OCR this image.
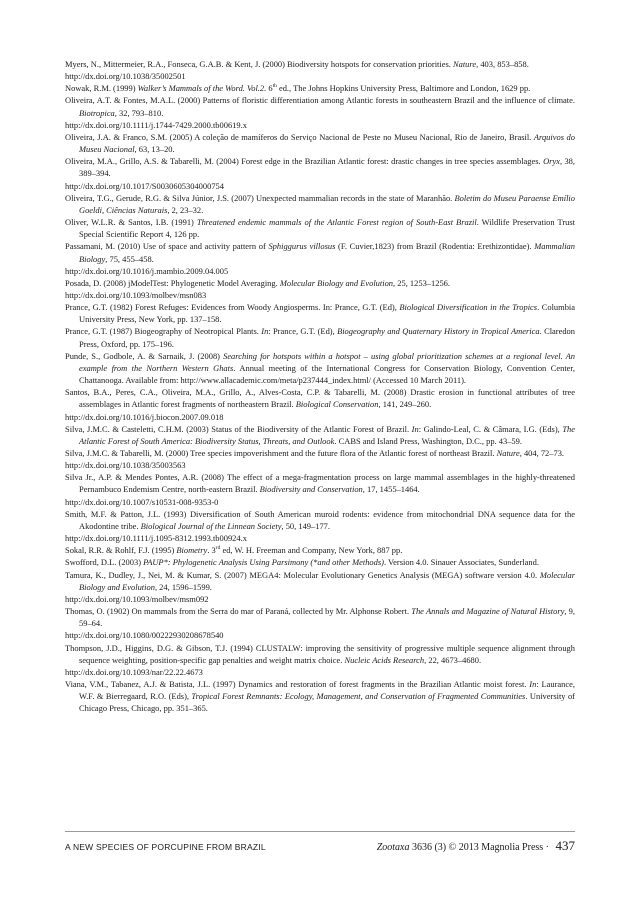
Myers, N., Mittermeier, R.A., Fonseca, G.A.B. & Kent, J. (2000) Biodiversity hotspots for conservation priorities. Nature, 403, 853–858.
http://dx.doi.org/10.1038/35002501

Nowak, R.M. (1999) Walker’s Mammals of the Word. Vol.2. 6th ed., The Johns Hopkins University Press, Baltimore and London, 1629 pp.

Oliveira, A.T. & Fontes, M.A.L. (2000) Patterns of floristic differentiation among Atlantic forests in southeastern Brazil and the influence of climate. Biotropica, 32, 793–810.
http://dx.doi.org/10.1111/j.1744-7429.2000.tb00619.x

Oliveira, J.A. & Franco, S.M. (2005) A coleção de mamíferos do Serviço Nacional de Peste no Museu Nacional, Rio de Janeiro, Brasil. Arquivos do Museu Nacional, 63, 13–20.

Oliveira, M.A., Grillo, A.S. & Tabarelli, M. (2004) Forest edge in the Brazilian Atlantic forest: drastic changes in tree species assemblages. Oryx, 38, 389–394.
http://dx.doi.org/10.1017/S0030605304000754

Oliveira, T.G., Gerude, R.G. & Silva Júnior, J.S. (2007) Unexpected mammalian records in the state of Maranhão. Boletim do Museu Paraense Emílio Goeldi, Ciências Naturais, 2, 23–32.

Oliver, W.L.R. & Santos, I.B. (1991) Threatened endemic mammals of the Atlantic Forest region of South-East Brazil. Wildlife Preservation Trust Special Scientific Report 4, 126 pp.

Passamani, M. (2010) Use of space and activity pattern of Sphiggurus villosus (F. Cuvier,1823) from Brazil (Rodentia: Erethizontidae). Mammalian Biology, 75, 455–458.
http://dx.doi.org/10.1016/j.mambio.2009.04.005

Posada, D. (2008) jModelTest: Phylogenetic Model Averaging. Molecular Biology and Evolution, 25, 1253–1256.
http://dx.doi.org/10.1093/molbev/msn083

Prance, G.T. (1982) Forest Refuges: Evidences from Woody Angiosperms. In: Prance, G.T. (Ed), Biological Diversification in the Tropics. Columbia University Press, New York, pp. 137–158.

Prance, G.T. (1987) Biogeography of Neotropical Plants. In: Prance, G.T. (Ed), Biogeography and Quaternary History in Tropical America. Claredon Press, Oxford, pp. 175–196.

Punde, S., Godbole, A. & Sarnaik, J. (2008) Searching for hotspots within a hotspot – using global prioritization schemes at a regional level. An example from the Northern Western Ghats. Annual meeting of the International Congress for Conservation Biology, Convention Center, Chattanooga. Available from: http://www.allacademic.com/meta/p237444_index.html/ (Accessed 10 March 2011).

Santos, B.A., Peres, C.A., Oliveira, M.A., Grillo, A., Alves-Costa, C.P. & Tabarelli, M. (2008) Drastic erosion in functional attributes of tree assemblages in Atlantic forest fragments of northeastern Brazil. Biological Conservation, 141, 249–260.
http://dx.doi.org/10.1016/j.biocon.2007.09.018

Silva, J.M.C. & Casteletti, C.H.M. (2003) Status of the Biodiversity of the Atlantic Forest of Brazil. In: Galindo-Leal, C. & Câmara, I.G. (Eds), The Atlantic Forest of South America: Biodiversity Status, Threats, and Outlook. CABS and Island Press, Washington, D.C., pp. 43–59.

Silva, J.M.C. & Tabarelli, M. (2000) Tree species impoverishment and the future flora of the Atlantic forest of northeast Brazil. Nature, 404, 72–73.
http://dx.doi.org/10.1038/35003563

Silva Jr., A.P. & Mendes Pontes, A.R. (2008) The effect of a mega-fragmentation process on large mammal assemblages in the highly-threatened Pernambuco Endemism Centre, north-eastern Brazil. Biodiversity and Conservation, 17, 1455–1464.
http://dx.doi.org/10.1007/s10531-008-9353-0

Smith, M.F. & Patton, J.L. (1993) Diversification of South American muroid rodents: evidence from mitochondrial DNA sequence data for the Akodontine tribe. Biological Journal of the Linnean Society, 50, 149–177.
http://dx.doi.org/10.1111/j.1095-8312.1993.tb00924.x

Sokal, R.R. & Rohlf, F.J. (1995) Biometry. 3rd ed, W. H. Freeman and Company, New York, 887 pp.

Swofford, D.L. (2003) PAUP*: Phylogenetic Analysis Using Parsimony (*and other Methods). Version 4.0. Sinauer Associates, Sunderland.

Tamura, K., Dudley, J., Nei, M. & Kumar, S. (2007) MEGA4: Molecular Evolutionary Genetics Analysis (MEGA) software version 4.0. Molecular Biology and Evolution, 24, 1596–1599.
http://dx.doi.org/10.1093/molbev/msm092

Thomas, O. (1902) On mammals from the Serra do mar of Paraná, collected by Mr. Alphonse Robert. The Annals and Magazine of Natural History, 9, 59–64.
http://dx.doi.org/10.1080/00222930208678540

Thompson, J.D., Higgins, D.G. & Gibson, T.J. (1994) CLUSTALW: improving the sensitivity of progressive multiple sequence alignment through sequence weighting, position-specific gap penalties and weight matrix choice. Nucleic Acids Research, 22, 4673–4680.
http://dx.doi.org/10.1093/nar/22.22.4673

Viana, V.M., Tabanez, A.J. & Batista, J.L. (1997) Dynamics and restoration of forest fragments in the Brazilian Atlantic moist forest. In: Laurance, W.F. & Bierregaard, R.O. (Eds), Tropical Forest Remnants: Ecology, Management, and Conservation of Fragmented Communities. University of Chicago Press, Chicago, pp. 351–365.

A NEW SPECIES OF PORCUPINE FROM BRAZIL	Zootaxa 3636 (3) © 2013 Magnolia Press · 437
